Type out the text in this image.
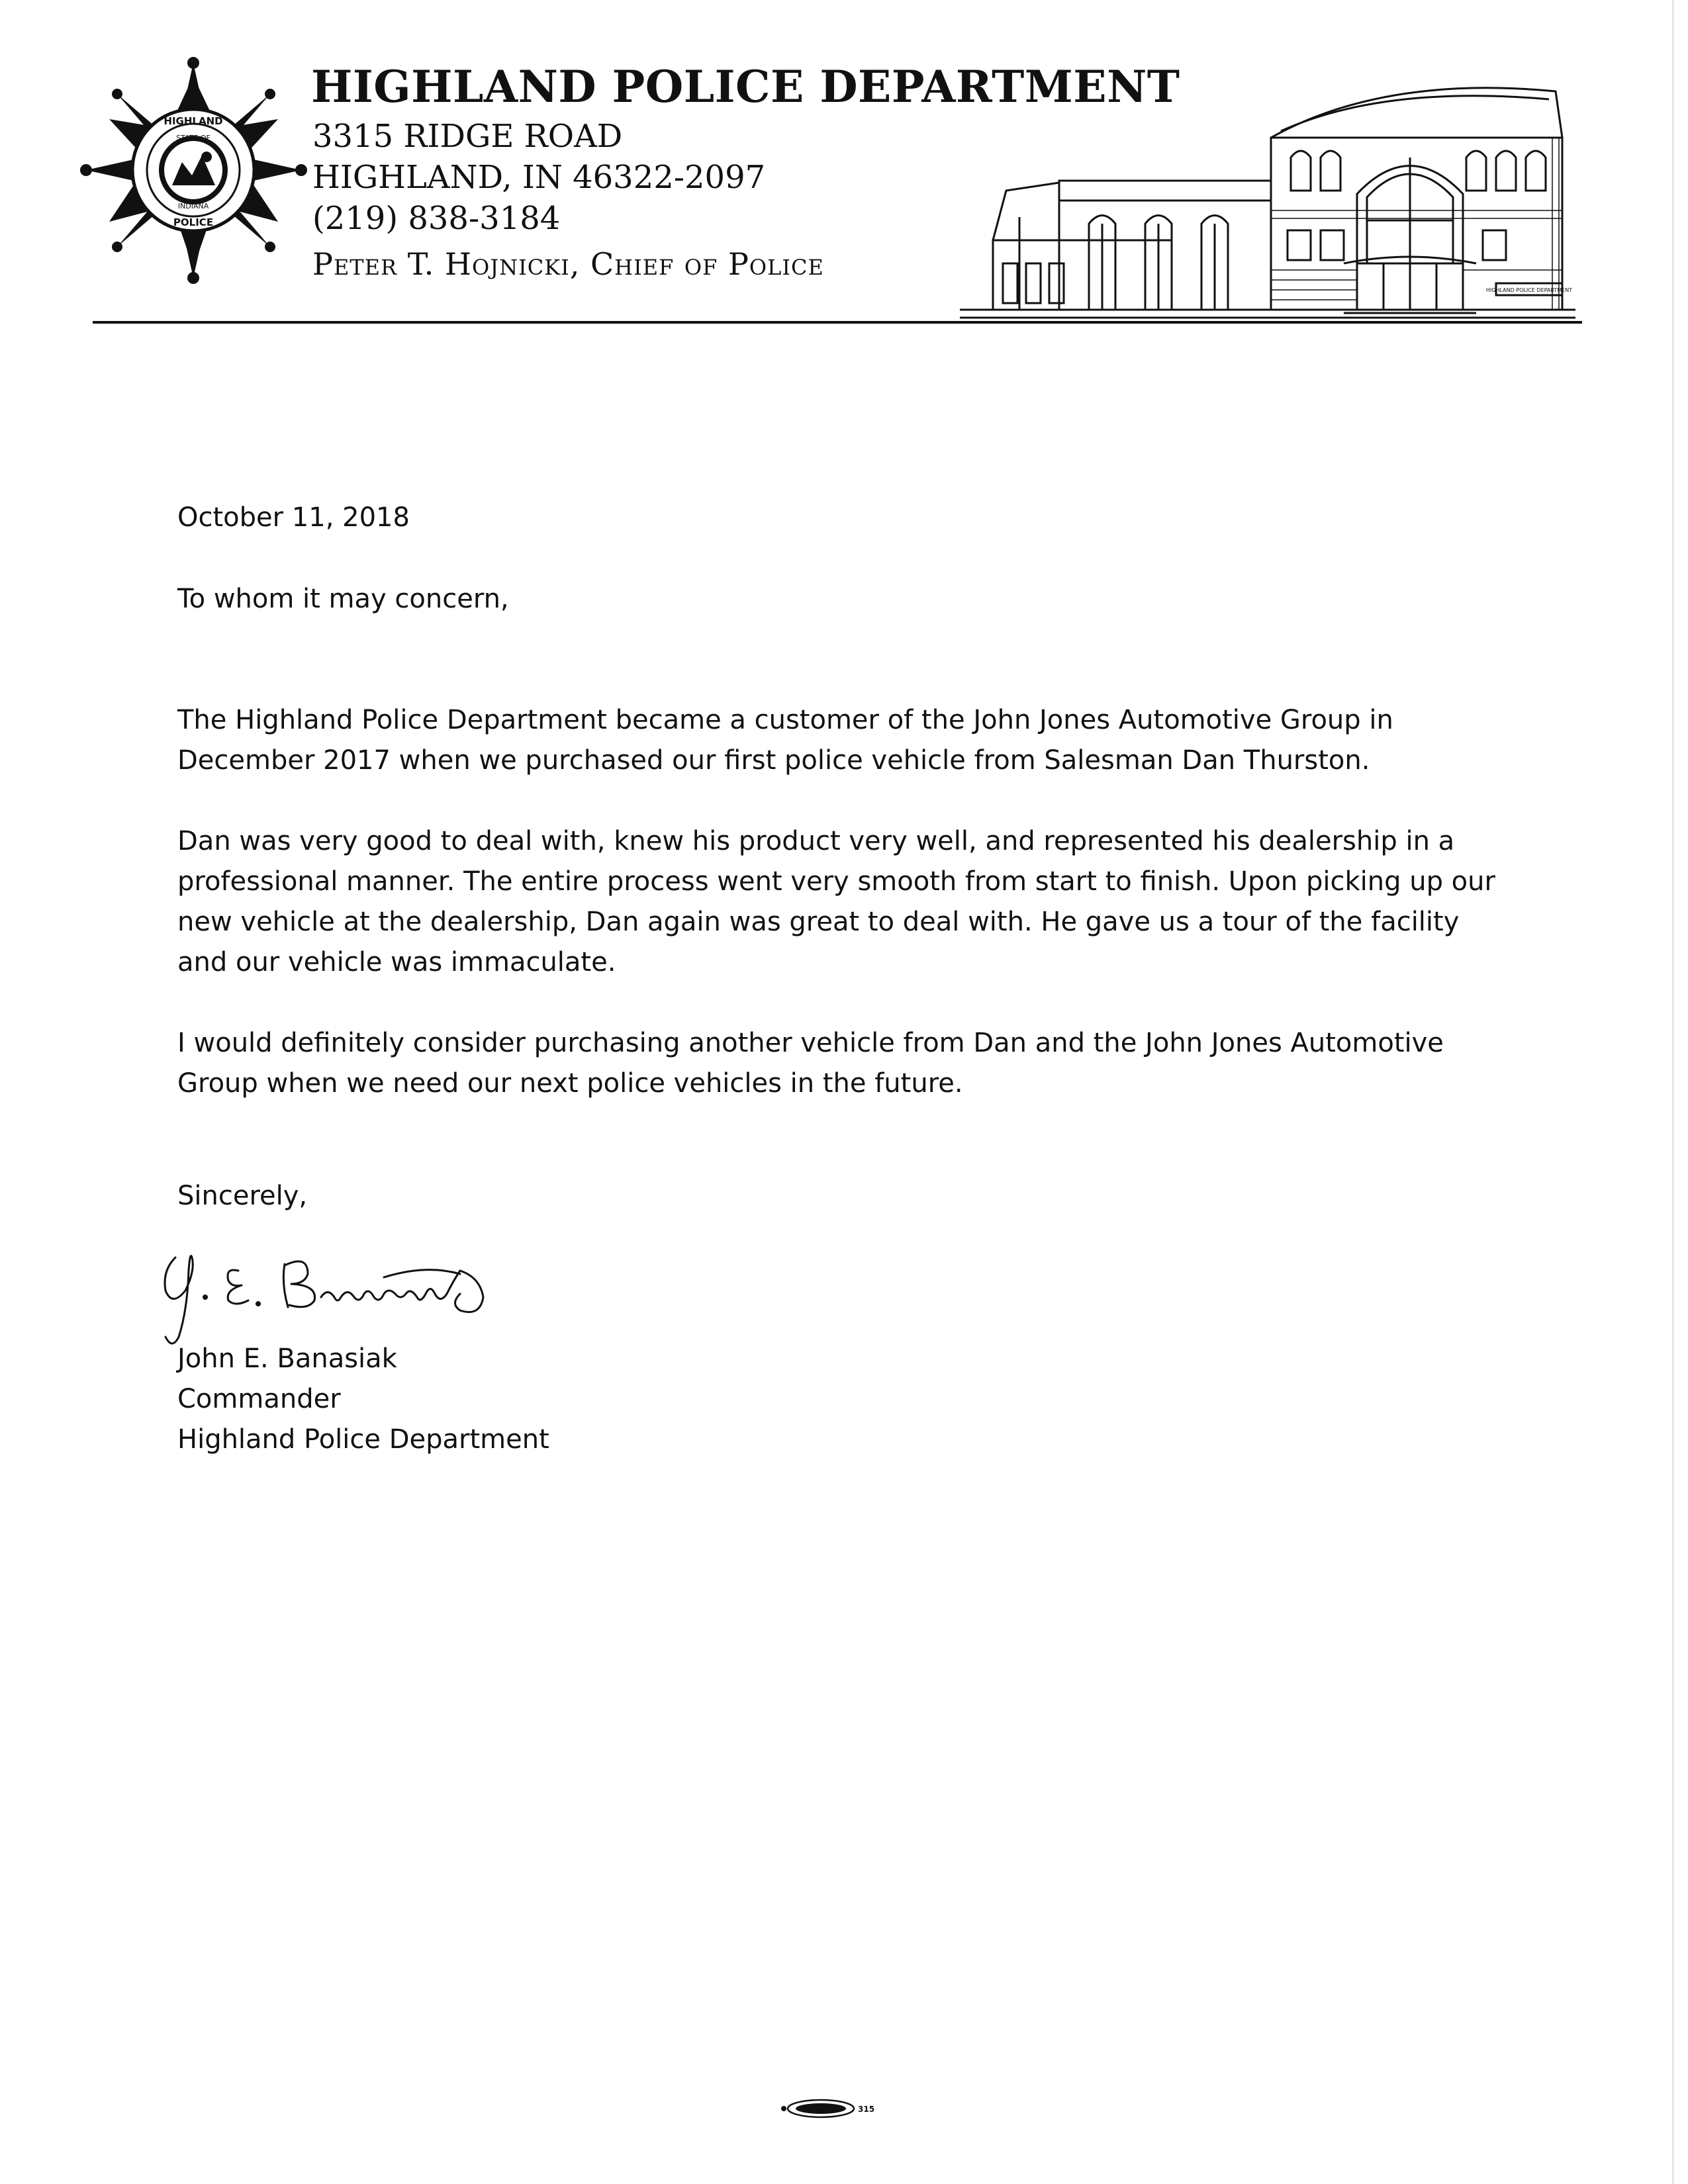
HIGHLAND
STATE OF
INDIANA
POLICE
HIGHLAND POLICE DEPARTMENT
3315 RIDGE ROAD
HIGHLAND, IN 46322-2097
(219) 838-3184
Peter T. Hojnicki, Chief of Police
HIGHLAND POLICE DEPARTMENT
October 11, 2018
To whom it may concern,
The Highland Police Department became a customer of the John Jones Automotive Group in December 2017 when we purchased our first police vehicle from Salesman Dan Thurston.
Dan was very good to deal with, knew his product very well, and represented his dealership in a professional manner. The entire process went very smooth from start to finish. Upon picking up our new vehicle at the dealership, Dan again was great to deal with. He gave us a tour of the facility and our vehicle was immaculate.
I would definitely consider purchasing another vehicle from Dan and the John Jones Automotive Group when we need our next police vehicles in the future.
Sincerely,
John E. Banasiak
Commander
Highland Police Department
315
